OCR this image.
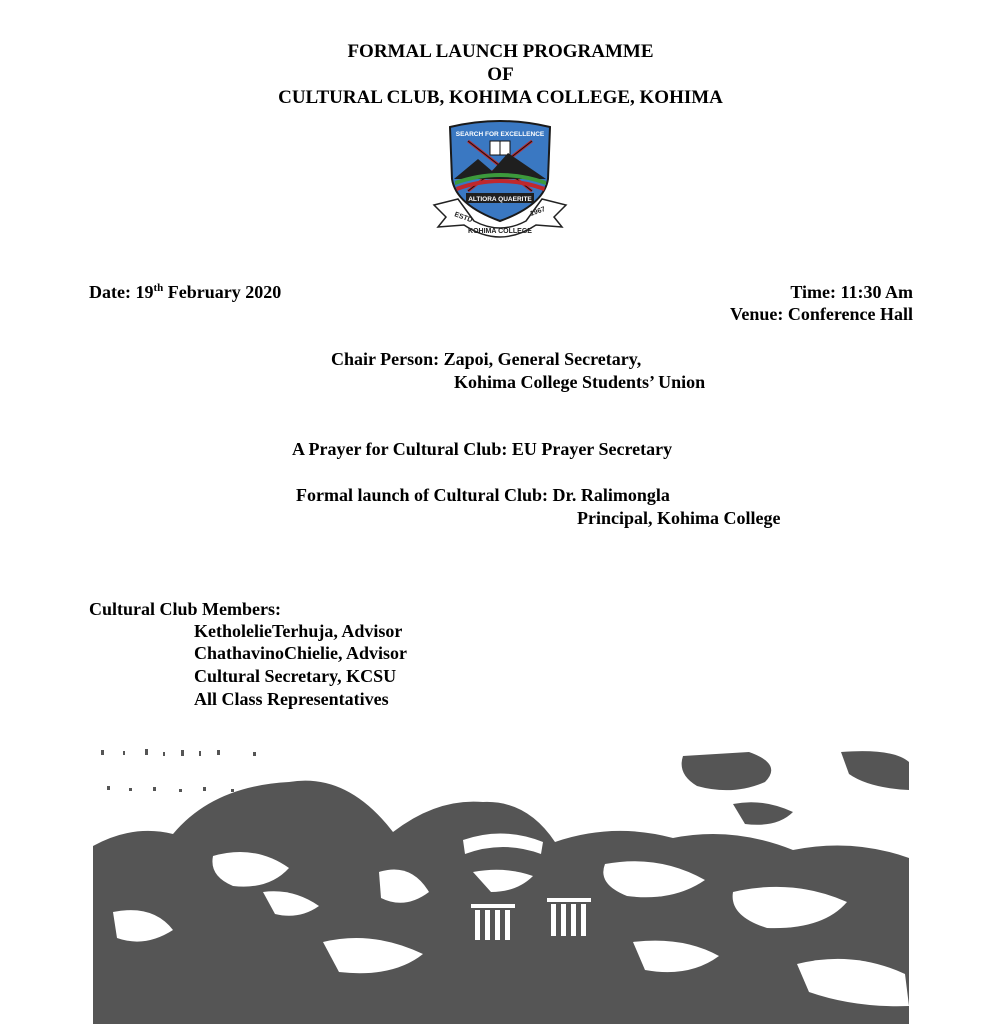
FORMAL LAUNCH PROGRAMME
OF
CULTURAL CLUB, KOHIMA COLLEGE, KOHIMA
ESTD	1967
KOHIMA COLLEGE
SEARCH FOR EXCELLENCE
ALTIORA QUAERITE
Date: 19th February 2020	Time: 11:30 Am
Venue: Conference Hall
Chair Person: Zapoi, General Secretary,
Kohima College Students’ Union
A Prayer for Cultural Club: EU Prayer Secretary
Formal launch of Cultural Club: Dr. Ralimongla
Principal, Kohima College
Cultural Club Members:
KetholelieTerhuja, Advisor
ChathavinoChielie, Advisor
Cultural Secretary, KCSU
All Class Representatives
